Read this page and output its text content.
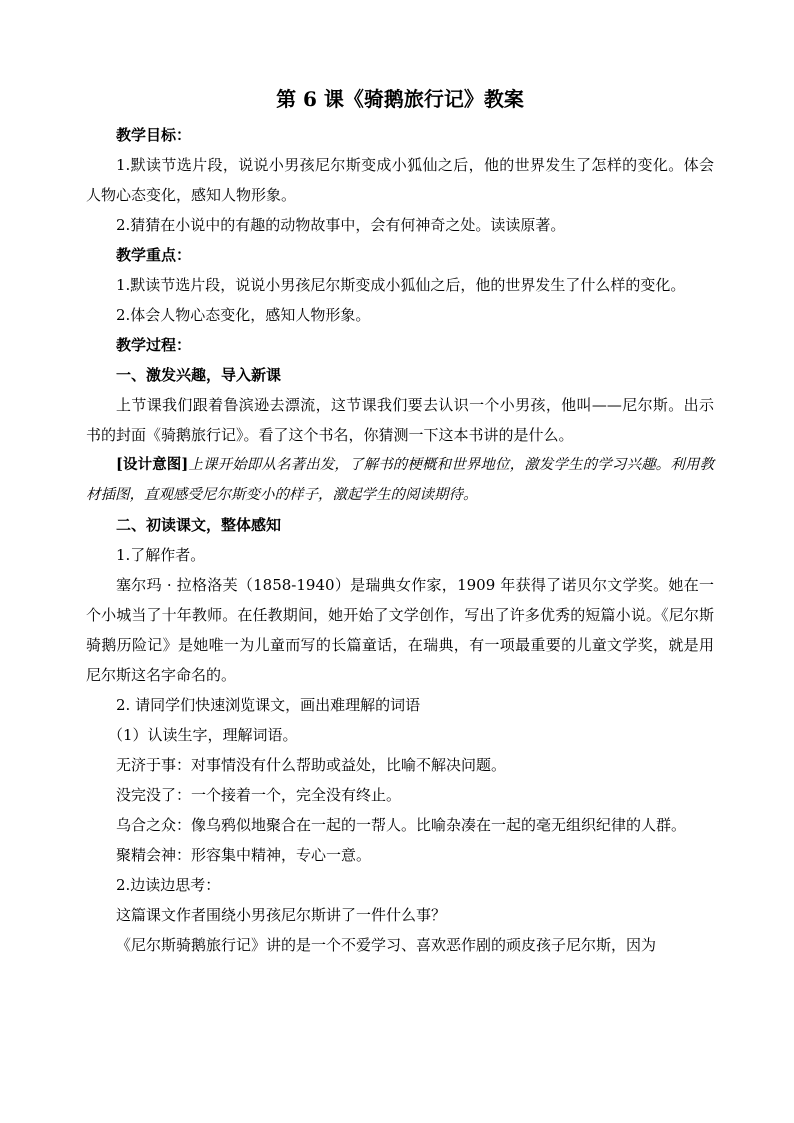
第 6 课《骑鹅旅行记》教案

教学目标：

1.默读节选片段，说说小男孩尼尔斯变成小狐仙之后，他的世界发生了怎样的变化。体会人物心态变化，感知人物形象。

2.猜猜在小说中的有趣的动物故事中，会有何神奇之处。读读原著。

教学重点：

1.默读节选片段，说说小男孩尼尔斯变成小狐仙之后，他的世界发生了什么样的变化。

2.体会人物心态变化，感知人物形象。

教学过程：

一、激发兴趣，导入新课

上节课我们跟着鲁滨逊去漂流，这节课我们要去认识一个小男孩，他叫——尼尔斯。出示书的封面《骑鹅旅行记》。看了这个书名，你猜测一下这本书讲的是什么。

[设计意图]上课开始即从名著出发，了解书的梗概和世界地位，激发学生的学习兴趣。利用教材插图，直观感受尼尔斯变小的样子，激起学生的阅读期待。

二、初读课文，整体感知

1.了解作者。

塞尔玛 · 拉格洛芙（1858-1940）是瑞典女作家，1909 年获得了诺贝尔文学奖。她在一个小城当了十年教师。在任教期间，她开始了文学创作，写出了许多优秀的短篇小说。《尼尔斯骑鹅历险记》是她唯一为儿童而写的长篇童话，在瑞典，有一项最重要的儿童文学奖，就是用尼尔斯这名字命名的。

2. 请同学们快速浏览课文，画出难理解的词语

（1）认读生字，理解词语。

无济于事：对事情没有什么帮助或益处，比喻不解决问题。

没完没了：一个接着一个，完全没有终止。

乌合之众：像乌鸦似地聚合在一起的一帮人。比喻杂凑在一起的毫无组织纪律的人群。

聚精会神：形容集中精神，专心一意。

2.边读边思考：

这篇课文作者围绕小男孩尼尔斯讲了一件什么事？

《尼尔斯骑鹅旅行记》讲的是一个不爱学习、喜欢恶作剧的顽皮孩子尼尔斯，因为
